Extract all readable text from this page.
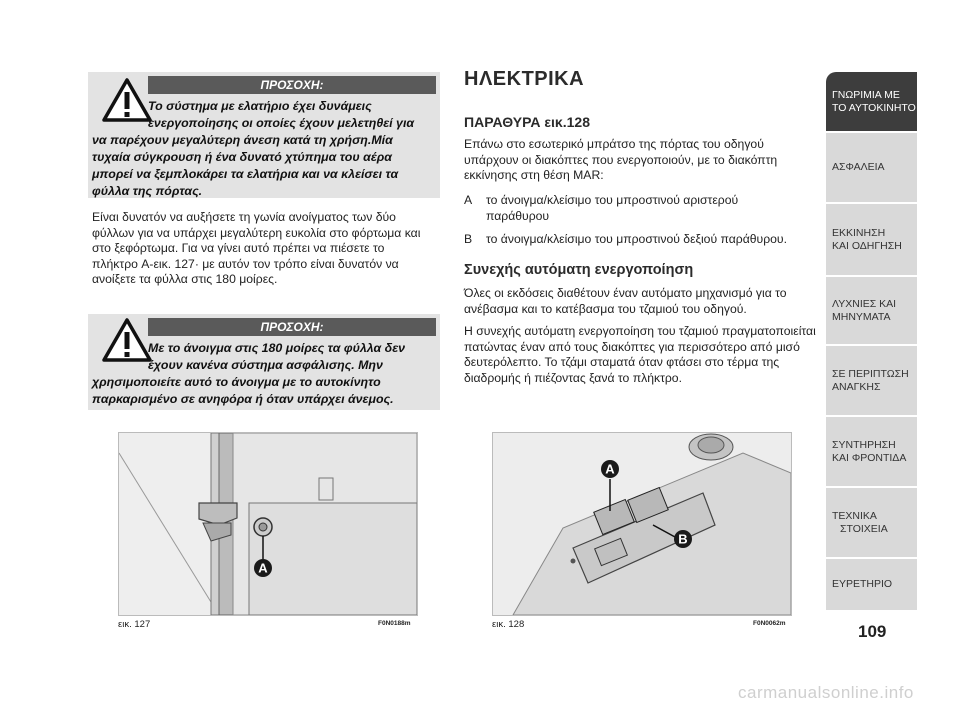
ΠΡΟΣΟΧΗ:
Το σύστημα με ελατήριο έχει δυνάμεις
ενεργοποίησης οι οποίες έχουν μελετηθεί για
να παρέχουν μεγαλύτερη άνεση κατά τη χρήση.Μία
τυχαία σύγκρουση ή ένα δυνατό χτύπημα του αέρα
μπορεί να ξεμπλοκάρει τα ελατήρια και να κλείσει τα
φύλλα της πόρτας.
Είναι δυνατόν να αυξήσετε τη γωνία ανοίγματος των δύο
φύλλων για να υπάρχει μεγαλύτερη ευκολία στο φόρτωμα και
στο ξεφόρτωμα. Για να γίνει αυτό πρέπει να πιέσετε το
πλήκτρο A-εικ. 127· με αυτόν τον τρόπο είναι δυνατόν να
ανοίξετε τα φύλλα στις 180 μοίρες.
ΠΡΟΣΟΧΗ:
Με το άνοιγμα στις 180 μοίρες τα φύλλα δεν
έχουν κανένα σύστημα ασφάλισης. Μην
χρησιμοποιείτε αυτό το άνοιγμα με το αυτοκίνητο
παρκαρισμένο σε ανηφόρα ή όταν υπάρχει άνεμος.
A
εικ. 127	F0N0188m
A
B
εικ. 128	F0N0062m
ΗΛΕΚΤΡΙΚΑ
ΠΑΡΑΘΥΡΑ εικ.128
Επάνω στο εσωτερικό μπράτσο της πόρτας του οδηγού
υπάρχουν οι διακόπτες που ενεργοποιούν, με το διακόπτη
εκκίνησης στη θέση MAR:
A το άνοιγμα/κλείσιμο του μπροστινού αριστερού
παράθυρου
B το άνοιγμα/κλείσιμο του μπροστινού δεξιού παράθυρου.
Συνεχής αυτόματη ενεργοποίηση
Όλες οι εκδόσεις διαθέτουν έναν αυτόματο μηχανισμό για το
ανέβασμα και το κατέβασμα του τζαμιού του οδηγού.
Η συνεχής αυτόματη ενεργοποίηση του τζαμιού πραγματοποιείται
πατώντας έναν από τους διακόπτες για περισσότερο από μισό
δευτερόλεπτο. Το τζάμι σταματά όταν φτάσει στο τέρμα της
διαδρομής ή πιέζοντας ξανά το πλήκτρο.
ΓΝΩΡΙΜΙΑ ΜΕ
ΤΟ ΑΥΤΟΚΙΝΗΤΟ
ΑΣΦΑΛΕΙΑ
ΕΚΚΙΝΗΣΗ
ΚΑΙ ΟΔΗΓΗΣΗ
ΛΥΧΝΙΕΣ ΚΑΙ
ΜΗΝΥΜΑΤΑ
ΣΕ ΠΕΡΙΠΤΩΣΗ
ΑΝΑΓΚΗΣ
ΣΥΝΤΗΡΗΣΗ
ΚΑΙ ΦΡΟΝΤΙΔΑ
ΤΕΧΝΙΚΑ
ΣΤΟΙΧΕΙΑ
ΕΥΡΕΤΗΡΙΟ
109
carmanualsonline.info
